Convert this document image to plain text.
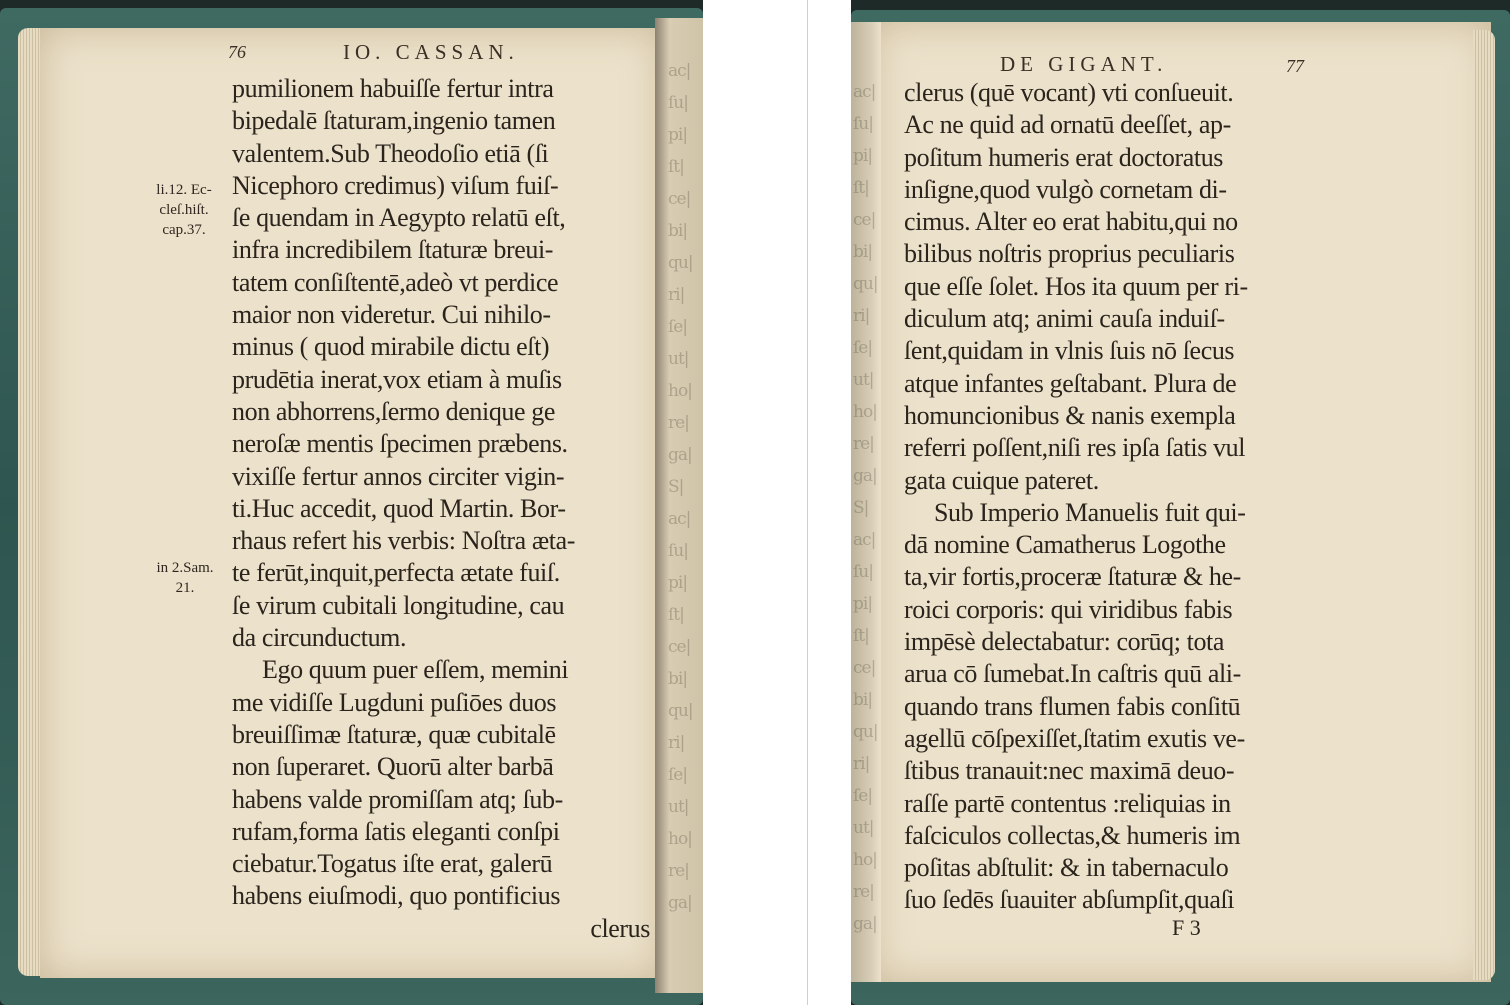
ac|
ſu|
pi|
ſt|
ce|
bi|
qu|
ri|
ſe|
ut|
ho|
re|
ga|
S|
ac|
ſu|
pi|
ſt|
ce|
bi|
qu|
ri|
ſe|
ut|
ho|
re|
ga|
ac|
ſu|
pi|
ſt|
ce|
bi|
qu|
ri|
ſe|
ut|
ho|
re|
ga|
S|
ac|
ſu|
pi|
ſt|
ce|
bi|
qu|
ri|
ſe|
ut|
ho|
re|
ga|
76	IO. CASSAN.
li.12. Ec-
cleſ.hiſt.
cap.37.
in 2.Sam.
21.
pumilionem habuiſſe fertur intra
bipedalē ſtaturam,ingenio tamen
valentem.Sub Theodoſio etiā (ſi
Nicephoro credimus) viſum fuiſ-
ſe quendam in Aegypto relatū eſt,
infra incredibilem ſtaturæ breui-
tatem conſiſtentē,adeò vt perdice
maior non videretur. Cui nihilo-
minus ( quod mirabile dictu eſt)
prudētia inerat,vox etiam à muſis
non abhorrens,ſermo denique ge
neroſæ mentis ſpecimen præbens.
vixiſſe fertur annos circiter vigin-
ti.Huc accedit, quod Martin. Bor-
rhaus refert his verbis: Noſtra æta-
te ferūt,inquit,perfecta ætate fuiſ.
ſe virum cubitali longitudine, cau
da circunductum.
Ego quum puer eſſem, memini
me vidiſſe Lugduni puſiōes duos
breuiſſimæ ſtaturæ, quæ cubitalē
non ſuperaret. Quorū alter barbā
habens valde promiſſam atq; ſub-
rufam,forma ſatis eleganti conſpi
ciebatur.Togatus iſte erat, galerū
habens eiuſmodi, quo pontificius
clerus
DE GIGANT.	77
clerus (quē vocant) vti conſueuit.
Ac ne quid ad ornatū deeſſet, ap-
poſitum humeris erat doctoratus
inſigne,quod vulgò cornetam di-
cimus. Alter eo erat habitu,qui no
bilibus noſtris proprius peculiaris
que eſſe ſolet. Hos ita quum per ri-
diculum atq; animi cauſa induiſ-
ſent,quidam in vlnis ſuis nō ſecus
atque infantes geſtabant. Plura de
homuncionibus & nanis exempla
referri poſſent,niſi res ipſa ſatis vul
gata cuique pateret.
Sub Imperio Manuelis fuit qui-
dā nomine Camatherus Logothe
ta,vir fortis,proceræ ſtaturæ & he-
roici corporis: qui viridibus fabis
impēsè delectabatur: corūq; tota
arua cō ſumebat.In caſtris quū ali-
quando trans flumen fabis conſitū
agellū cōſpexiſſet,ſtatim exutis ve-
ſtibus tranauit:nec maximā deuo-
raſſe partē contentus :reliquias in
faſciculos collectas,& humeris im
poſitas abſtulit: & in tabernaculo
ſuo ſedēs ſuauiter abſumpſit,quaſi
F 3
